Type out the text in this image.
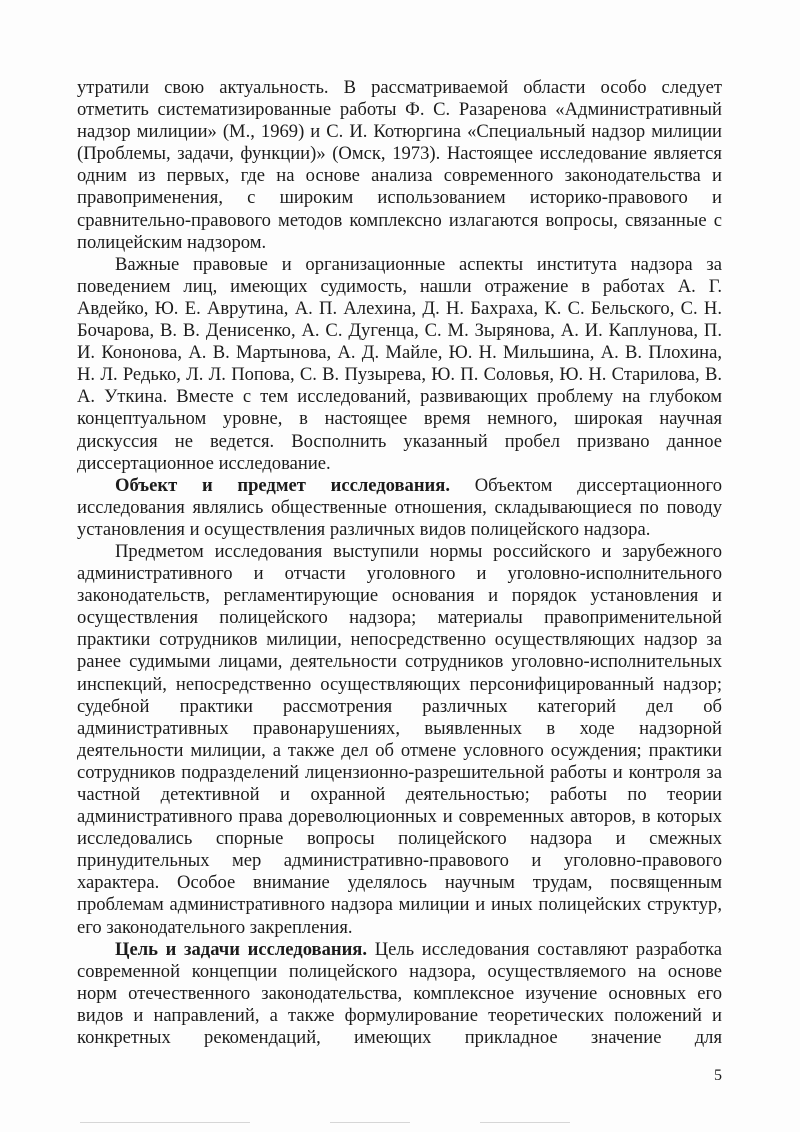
утратили свою актуальность. В рассматриваемой области особо следует отметить систематизированные работы Ф. С. Разаренова «Административный надзор милиции» (М., 1969) и С. И. Котюргина «Специальный надзор милиции (Проблемы, задачи, функции)» (Омск, 1973). Настоящее исследование является одним из первых, где на основе анализа современного законодательства и правоприменения, с широким использованием историко-правового и сравнительно-правового методов комплексно излагаются вопросы, связанные с полицейским надзором.

Важные правовые и организационные аспекты института надзора за поведением лиц, имеющих судимость, нашли отражение в работах А. Г. Авдейко, Ю. Е. Аврутина, А. П. Алехина, Д. Н. Бахраха, К. С. Бельского, С. Н. Бочарова, В. В. Денисенко, А. С. Дугенца, С. М. Зырянова, А. И. Каплунова, П. И. Кононова, А. В. Мартынова, А. Д. Майле, Ю. Н. Мильшина, А. В. Плохина, Н. Л. Редько, Л. Л. Попова, С. В. Пузырева, Ю. П. Соловья, Ю. Н. Старилова, В. А. Уткина. Вместе с тем исследований, развивающих проблему на глубоком концептуальном уровне, в настоящее время немного, широкая научная дискуссия не ведется. Восполнить указанный пробел призвано данное диссертационное исследование.

Объект и предмет исследования. Объектом диссертационного исследования являлись общественные отношения, складывающиеся по поводу установления и осуществления различных видов полицейского надзора.

Предметом исследования выступили нормы российского и зарубежного административного и отчасти уголовного и уголовно-исполнительного законодательств, регламентирующие основания и порядок установления и осуществления полицейского надзора; материалы правоприменительной практики сотрудников милиции, непосредственно осуществляющих надзор за ранее судимыми лицами, деятельности сотрудников уголовно-исполнительных инспекций, непосредственно осуществляющих персонифицированный надзор; судебной практики рассмотрения различных категорий дел об административных правонарушениях, выявленных в ходе надзорной деятельности милиции, а также дел об отмене условного осуждения; практики сотрудников подразделений лицензионно-разрешительной работы и контроля за частной детективной и охранной деятельностью; работы по теории административного права дореволюционных и современных авторов, в которых исследовались спорные вопросы полицейского надзора и смежных принудительных мер административно-правового и уголовно-правового характера. Особое внимание уделялось научным трудам, посвященным проблемам административного надзора милиции и иных полицейских структур, его законодательного закрепления.

Цель и задачи исследования. Цель исследования составляют разработка современной концепции полицейского надзора, осуществляемого на основе норм отечественного законодательства, комплексное изучение основных его видов и направлений, а также формулирование теоретических положений и конкретных рекомендаций, имеющих прикладное значение для

5
